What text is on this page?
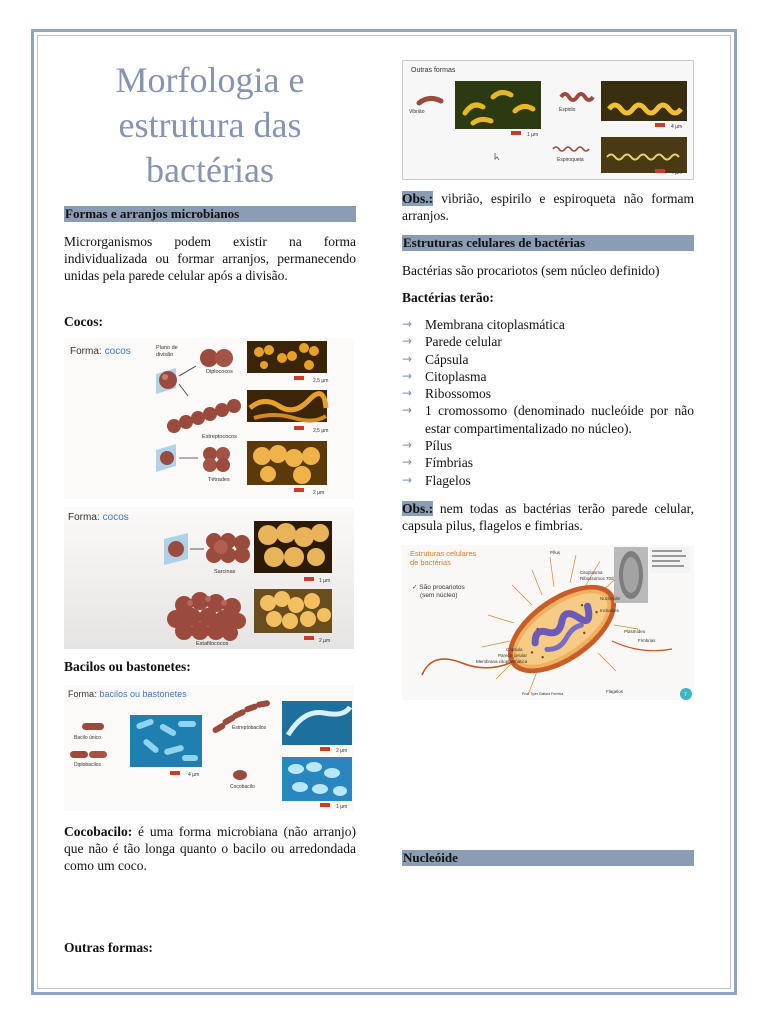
Morfologia e
estrutura das
bactérias
Formas e arranjos microbianos
Microrganismos podem existir na forma individualizada ou formar arranjos, permanecendo unidas pela parede celular após a divisão.
Cocos:
Forma: cocos	Plano de
divisão
Diplococos
2,5 µm
Estreptococos
2,5 µm
Tétrades
2 µm
Forma: cocos
Sarcinas
1 µm
Estafilococos	2 µm
Bacilos ou bastonetes:
Forma: bacilos ou bastonetes
Bacilo único
Diplobacilos
4 µm
Estreptobacilos
Cocobacilo
2 µm
1 µm
Cocobacilo: é uma forma microbiana (não arranjo) que não é tão longa quanto o bacilo ou arredondada como um coco.
Outras formas:
Outras formas
Vibrião
1 µm
Espirilo
4 µm
Espiroqueta
4 µm
Obs.: vibrião, espirilo e espiroqueta não formam arranjos.
Estruturas celulares de bactérias
Bactérias são procariotos (sem núcleo definido)
Bactérias terão:
→ Membrana citoplasmática
→ Parede celular
→ Cápsula
→ Citoplasma
→ Ribossomos
→ 1 cromossomo (denominado nucleóide por não estar compartimentalizado no núcleo).
→ Pílus
→ Fímbrias
→ Flagelos
Obs.: nem todas as bactérias terão parede celular, capsula pilus, flagelos e fimbrias.
Estruturas celulares
de bactérias
✓ São procariotos
(sem núcleo)
Pílus
Citoplasma
Ribossomos 70S
Nucleoide
Inclusões
Plasmídeo
Fímbrias
Cápsula
Parede celular
Membrana citoplasmática
Flagelos
Prof. Tyler Gallard Ferreira	7
Nucleóide
